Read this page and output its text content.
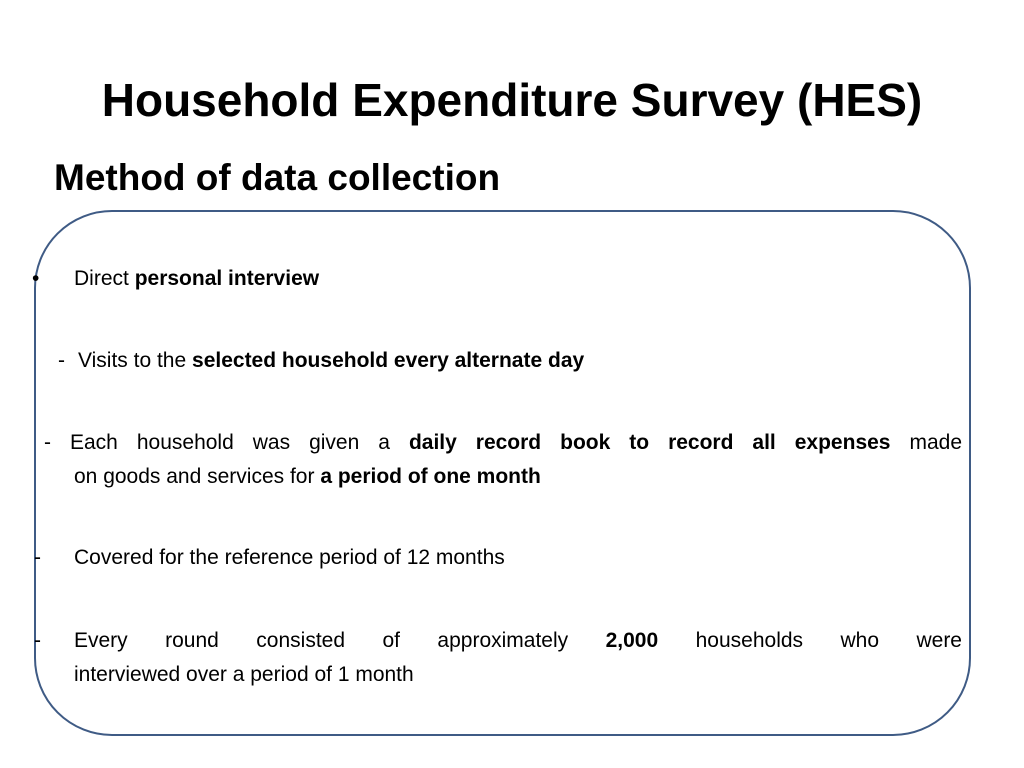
Household Expenditure Survey (HES)
Method of data collection
• Direct personal interview
- Visits to the selected household every alternate day
- Each household was given a daily record book to record all expenses made
on goods and services for a period of one month
- Covered for the reference period of 12 months
- Every round consisted of approximately 2,000 households who were
interviewed over a period of 1 month
